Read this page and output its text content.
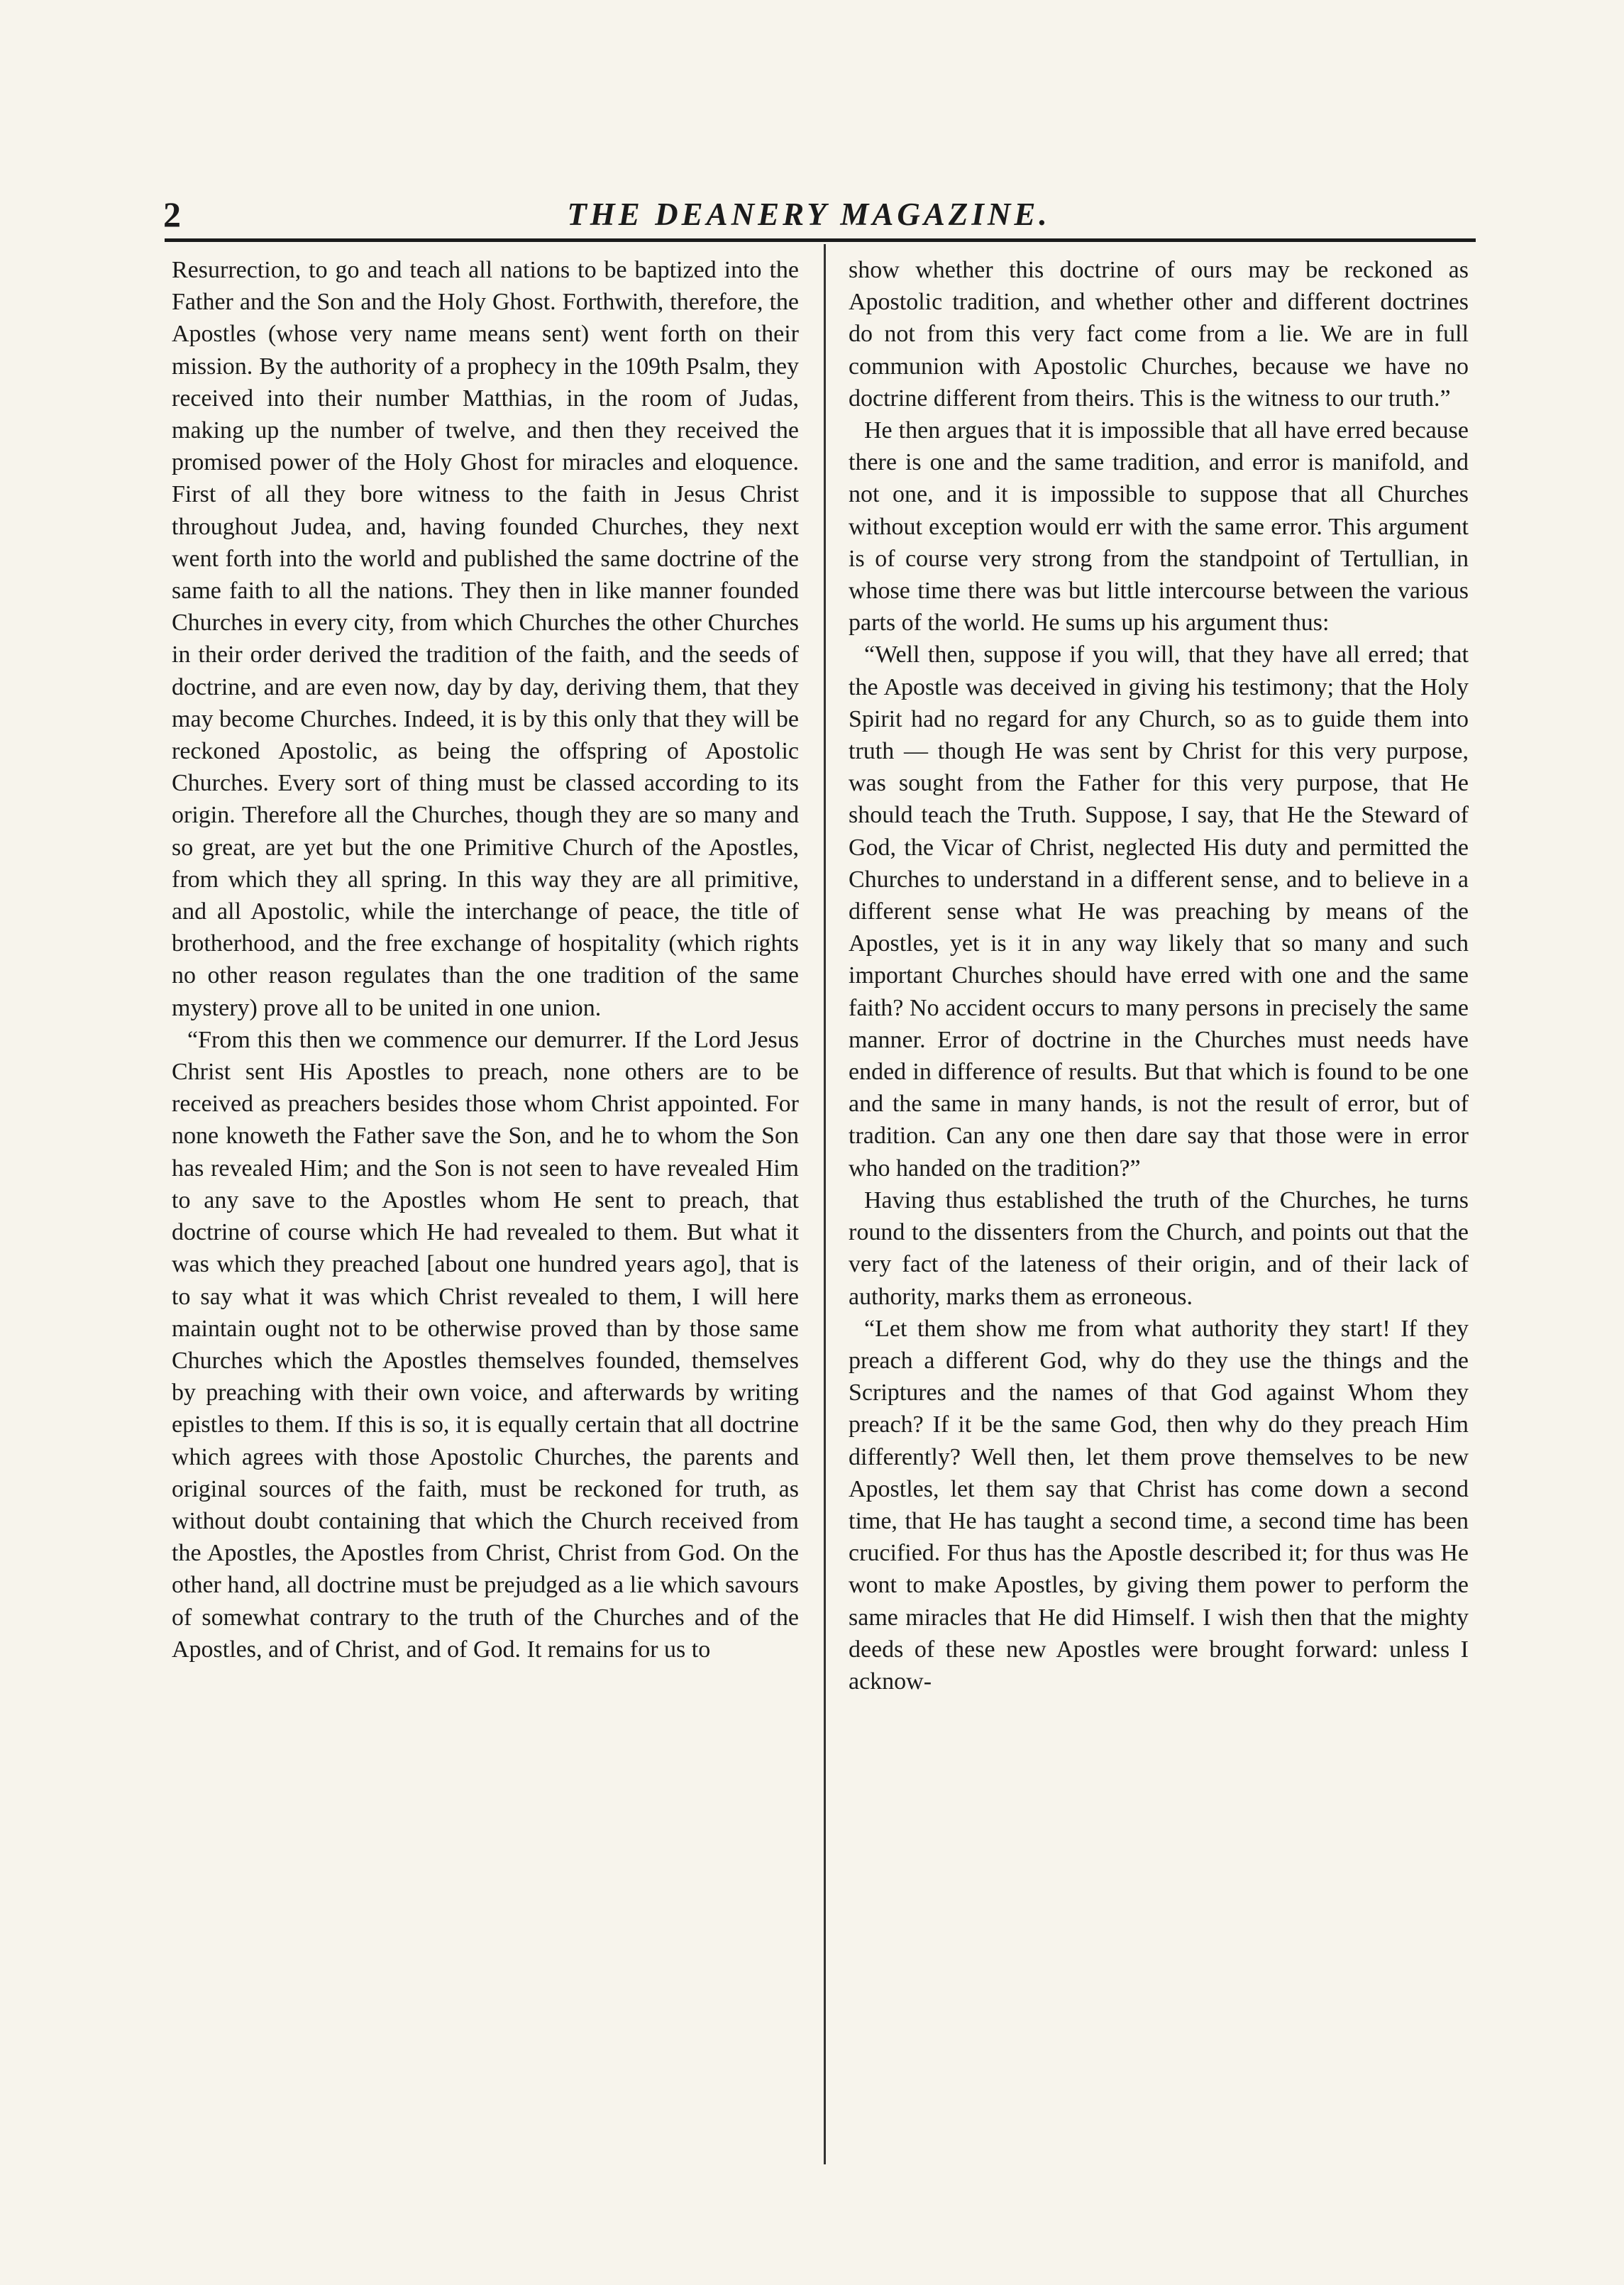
2	THE DEANERY MAGAZINE.

Resurrection, to go and teach all nations to be baptized into the Father and the Son and the Holy Ghost. Forthwith, therefore, the Apostles (whose very name means sent) went forth on their mission. By the authority of a prophecy in the 109th Psalm, they received into their number Matthias, in the room of Judas, making up the number of twelve, and then they received the promised power of the Holy Ghost for miracles and eloquence. First of all they bore witness to the faith in Jesus Christ throughout Judea, and, having founded Churches, they next went forth into the world and published the same doctrine of the same faith to all the nations. They then in like manner founded Churches in every city, from which Churches the other Churches in their order derived the tradition of the faith, and the seeds of doctrine, and are even now, day by day, deriving them, that they may become Churches. Indeed, it is by this only that they will be reckoned Apostolic, as being the offspring of Apostolic Churches. Every sort of thing must be classed according to its origin. Therefore all the Churches, though they are so many and so great, are yet but the one Primitive Church of the Apostles, from which they all spring. In this way they are all primitive, and all Apostolic, while the interchange of peace, the title of brotherhood, and the free exchange of hospitality (which rights no other reason regulates than the one tradition of the same mystery) prove all to be united in one union.

“From this then we commence our demurrer. If the Lord Jesus Christ sent His Apostles to preach, none others are to be received as preachers besides those whom Christ appointed. For none knoweth the Father save the Son, and he to whom the Son has revealed Him; and the Son is not seen to have revealed Him to any save to the Apostles whom He sent to preach, that doctrine of course which He had revealed to them. But what it was which they preached [about one hundred years ago], that is to say what it was which Christ revealed to them, I will here maintain ought not to be otherwise proved than by those same Churches which the Apostles themselves founded, themselves by preaching with their own voice, and afterwards by writing epistles to them. If this is so, it is equally certain that all doctrine which agrees with those Apostolic Churches, the parents and original sources of the faith, must be reckoned for truth, as without doubt containing that which the Church received from the Apostles, the Apostles from Christ, Christ from God. On the other hand, all doctrine must be prejudged as a lie which savours of somewhat contrary to the truth of the Churches and of the Apostles, and of Christ, and of God. It remains for us to

show whether this doctrine of ours may be reckoned as Apostolic tradition, and whether other and different doctrines do not from this very fact come from a lie. We are in full communion with Apostolic Churches, because we have no doctrine different from theirs. This is the witness to our truth.”

He then argues that it is impossible that all have erred because there is one and the same tradition, and error is manifold, and not one, and it is impossible to suppose that all Churches without exception would err with the same error. This argument is of course very strong from the standpoint of Tertullian, in whose time there was but little intercourse between the various parts of the world. He sums up his argument thus:

“Well then, suppose if you will, that they have all erred; that the Apostle was deceived in giving his testimony; that the Holy Spirit had no regard for any Church, so as to guide them into truth — though He was sent by Christ for this very purpose, was sought from the Father for this very purpose, that He should teach the Truth. Suppose, I say, that He the Steward of God, the Vicar of Christ, neglected His duty and permitted the Churches to understand in a different sense, and to believe in a different sense what He was preaching by means of the Apostles, yet is it in any way likely that so many and such important Churches should have erred with one and the same faith? No accident occurs to many persons in precisely the same manner. Error of doctrine in the Churches must needs have ended in difference of results. But that which is found to be one and the same in many hands, is not the result of error, but of tradition. Can any one then dare say that those were in error who handed on the tradition?”

Having thus established the truth of the Churches, he turns round to the dissenters from the Church, and points out that the very fact of the lateness of their origin, and of their lack of authority, marks them as erroneous.

“Let them show me from what authority they start! If they preach a different God, why do they use the things and the Scriptures and the names of that God against Whom they preach? If it be the same God, then why do they preach Him differently? Well then, let them prove themselves to be new Apostles, let them say that Christ has come down a second time, that He has taught a second time, a second time has been crucified. For thus has the Apostle described it; for thus was He wont to make Apostles, by giving them power to perform the same miracles that He did Himself. I wish then that the mighty deeds of these new Apostles were brought forward: unless I acknow-
